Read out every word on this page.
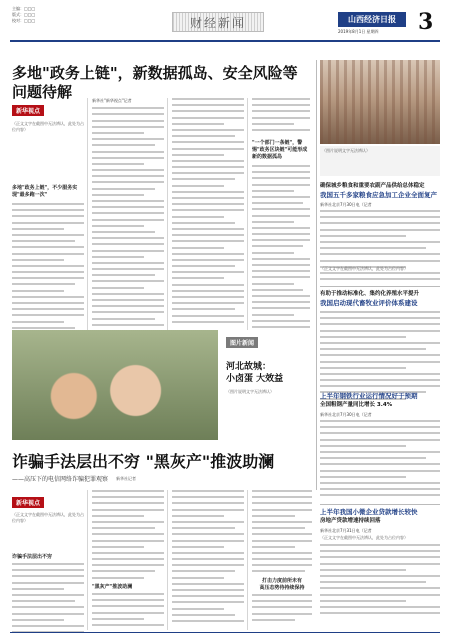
主编：□□□
版式：□□□
校对：□□□	财经新闻	山西经济日报
2019年8月1日 星期四 3
多地"政务上链"，新数据孤岛、安全风险等问题待解
新华视点
（正文文字在截图中无法辨认，此处为占位内容）
多地"政务上链"，不少服务实现"最多跑一次"
新华社"新华视点"记者
"一个部门一条链"，警惕"政务区块链"可能形成新的数据孤岛
（图片说明文字无法辨认）
确保城乡粮食和重要农副产品供给总体稳定
我国五千多家粮食应急加工企业全面复产
新华社北京7月30日电（记者
有助于推动标准化、集约化养殖水平提升
我国启动现代畜牧业评价体系建设
图片新闻
河北故城：
小卤蛋 大效益
（图片说明文字无法辨认）
诈骗手法层出不穷 "黑灰产"推波助澜
——高压下的电信网络诈骗犯罪观察 新华社记者
新华视点
（正文文字在截图中无法辨认，此处为占位内容）
诈骗手法层出不穷
"黑灰产"推波助澜
打击力度前所未有
高压态势待持续保持
上半年钢铁行业运行情况好于预期
全国粗钢产量同比增长 3.4%
新华社北京7月30日电（记者
上半年我国小微企业贷款增长较快
房地产贷款增速持续回落
新华社北京7月31日电（记者
（正文文字在截图中无法辨认，此处为占位内容）
（正文文字在截图中无法辨认，此处为占位内容）
